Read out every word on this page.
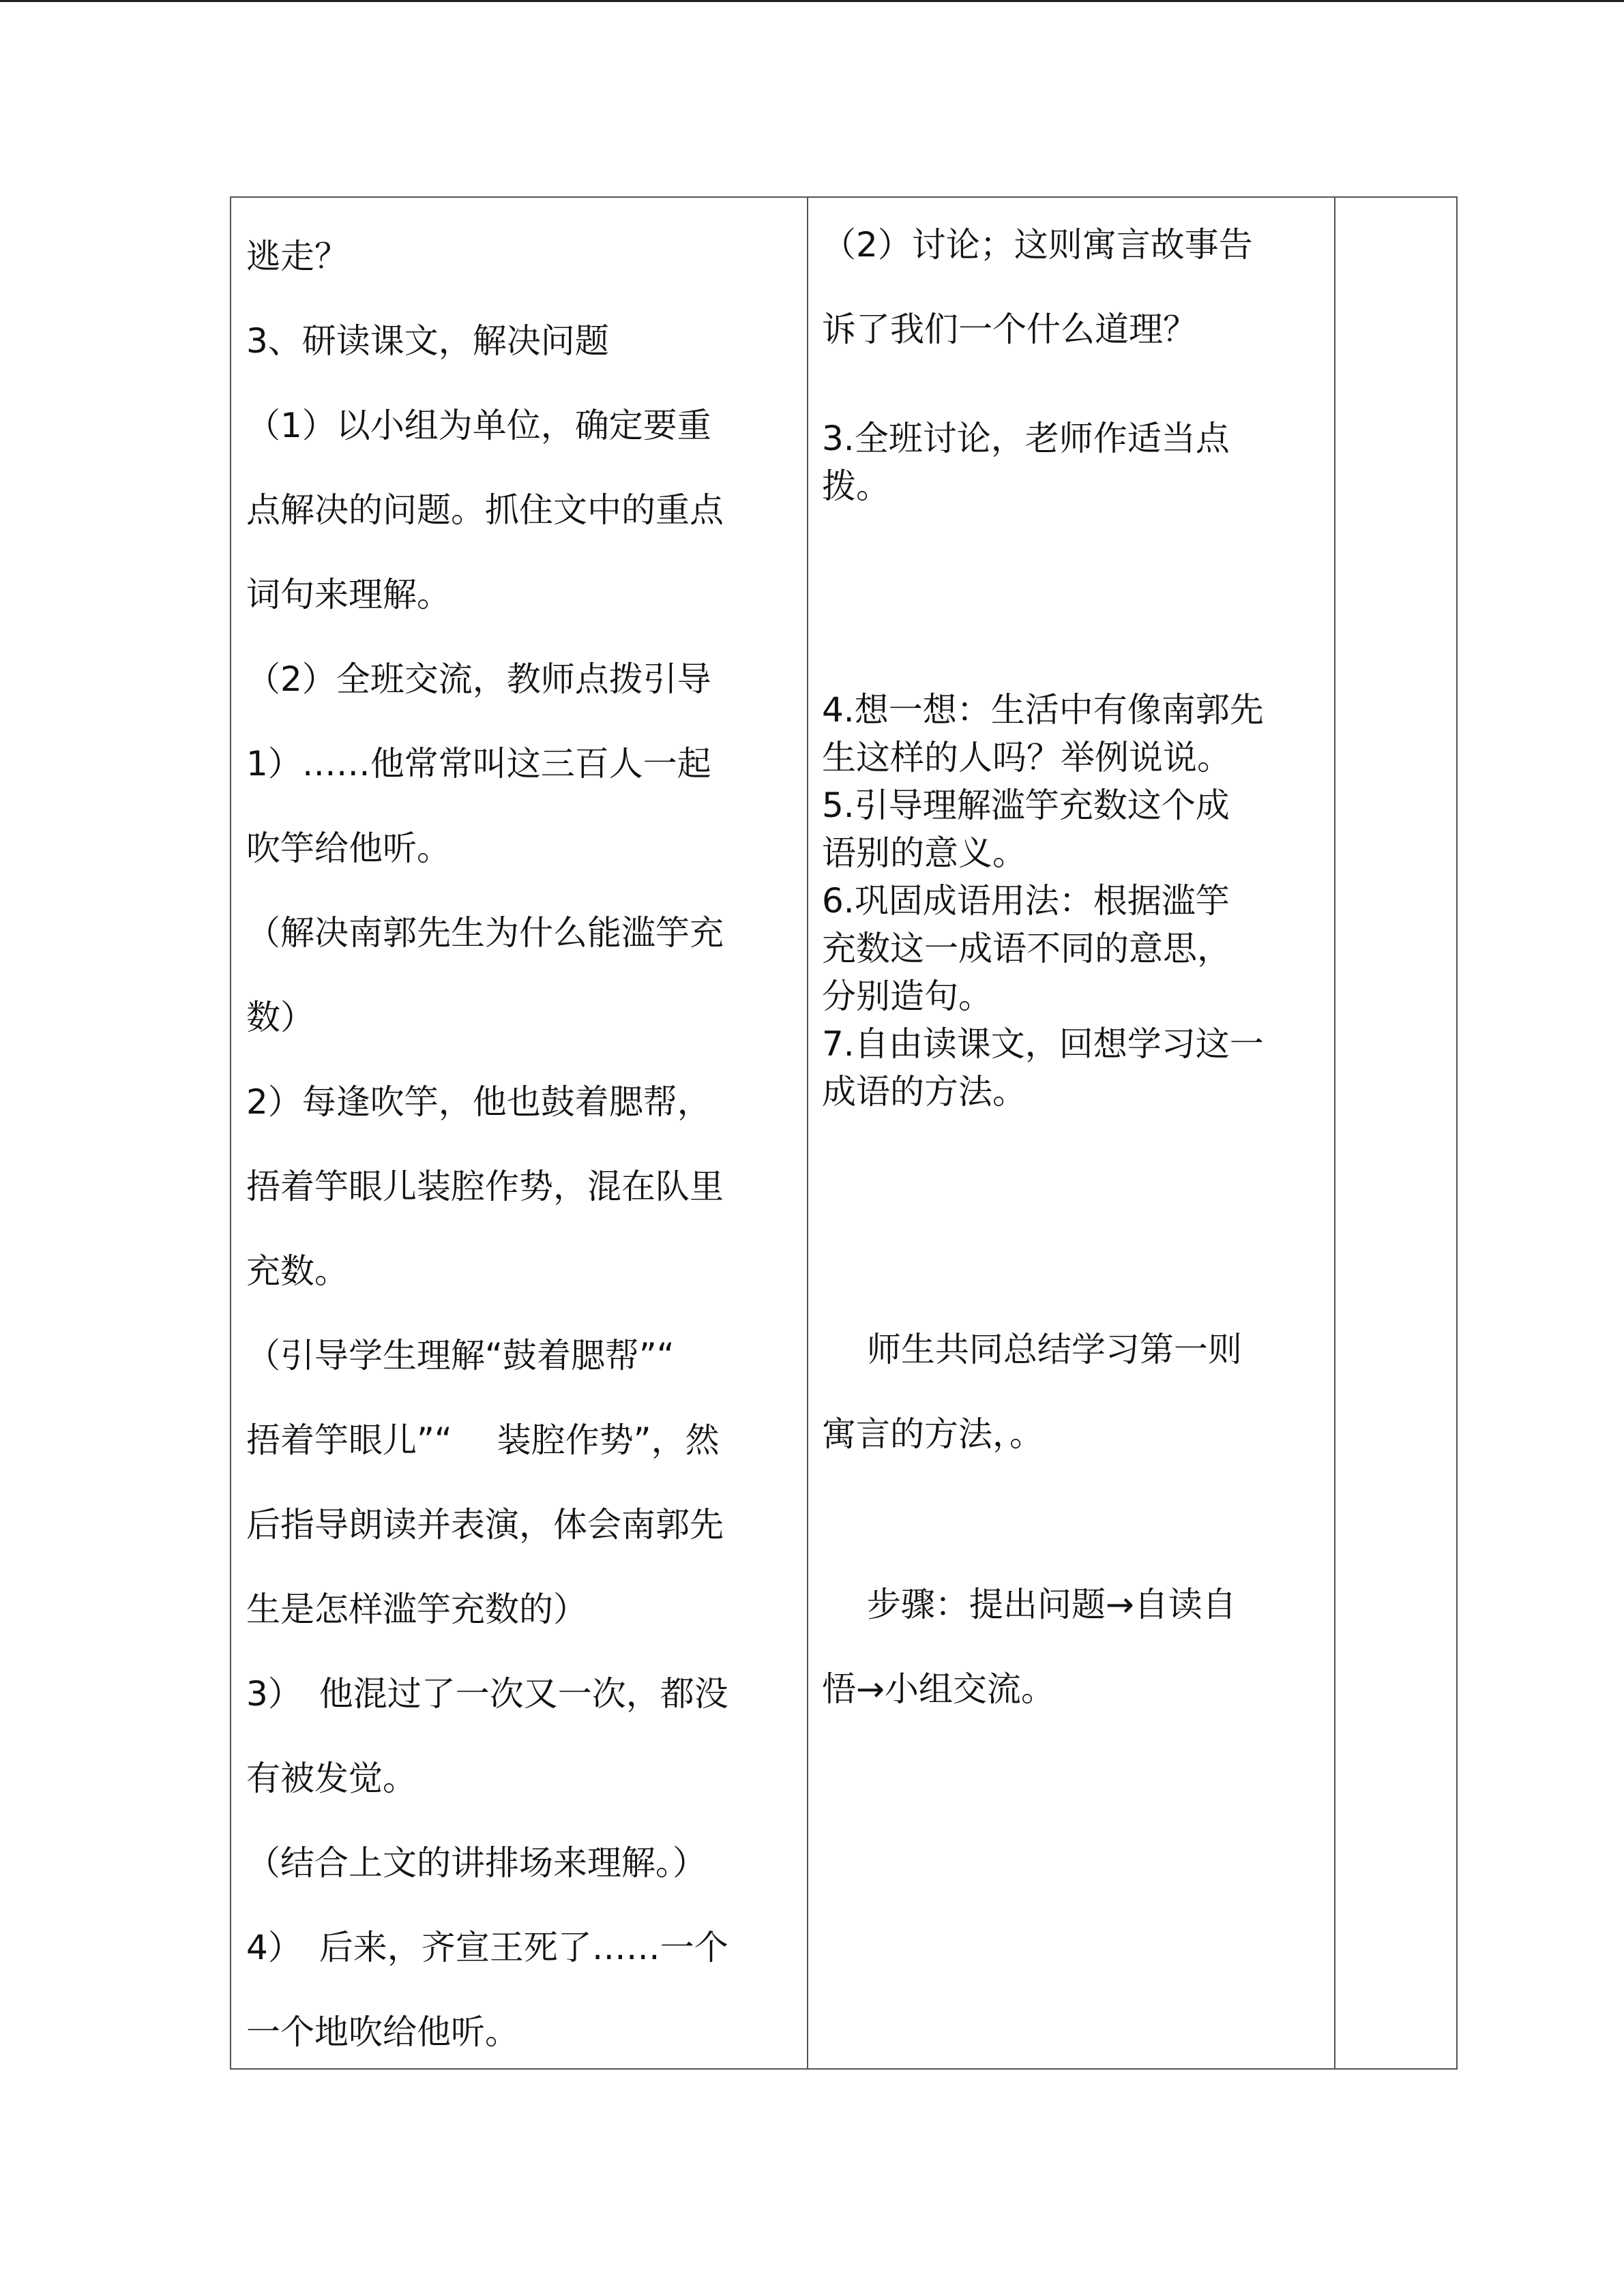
逃走？

3、研读课文，解决问题

（1）以小组为单位，确定要重

点解决的问题。抓住文中的重点

词句来理解。

（2）全班交流，教师点拨引导

1）……他常常叫这三百人一起

吹竽给他听。

（解决南郭先生为什么能滥竽充

数）

2）每逢吹竽，他也鼓着腮帮，

捂着竽眼儿装腔作势，混在队里

充数。

（引导学生理解“鼓着腮帮”“

捂着竽眼儿”“　 装腔作势”，然

后指导朗读并表演，体会南郭先

生是怎样滥竽充数的）

3）　他混过了一次又一次，都没

有被发觉。

（结合上文的讲排场来理解。）

4）　后来，齐宣王死了……一个

一个地吹给他听。

（2）讨论；这则寓言故事告

诉了我们一个什么道理？

3.全班讨论，老师作适当点

拨。

4.想一想：生活中有像南郭先

生这样的人吗？举例说说。

5.引导理解滥竽充数这个成

语别的意义。

6.巩固成语用法：根据滥竽

充数这一成语不同的意思，

分别造句。

7.自由读课文，回想学习这一

成语的方法。

　 师生共同总结学习第一则

寓言的方法，。

　 步骤：提出问题→自读自

悟→小组交流。
